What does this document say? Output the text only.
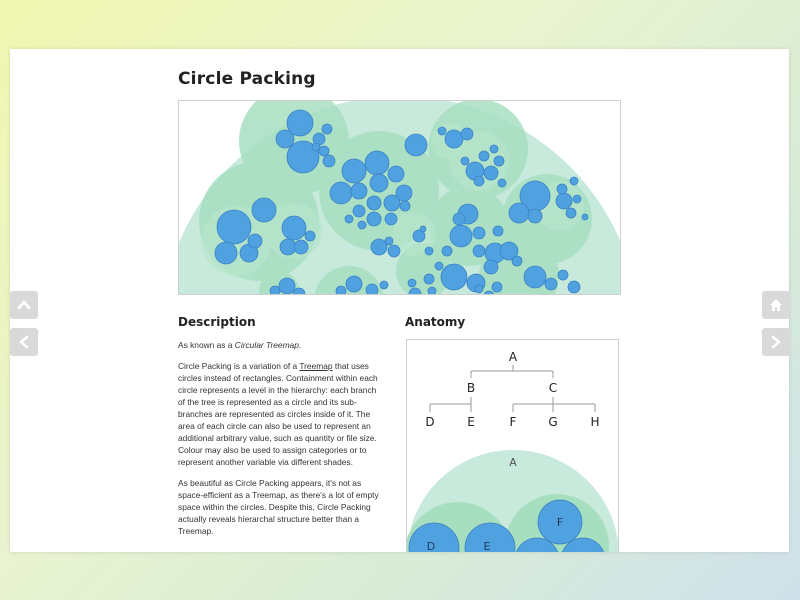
Circle Packing
Description

As known as a Circular Treemap.

Circle Packing is a variation of a Treemap that uses circles instead of rectangles. Containment within each circle represents a level in the hierarchy: each branch of the tree is represented as a circle and its sub-branches are represented as circles inside of it. The area of each circle can also be used to represent an additional arbitrary value, such as quantity or file size. Colour may also be used to assign categories or to represent another variable via different shades.

As beautiful as Circle Packing appears, it's not as space-efficient as a Treemap, as there's a lot of empty space within the circles. Despite this, Circle Packing actually reveals hierarchal structure better than a Treemap.

Anatomy
A
B	C
D	E	F	G	H
A
F
D	E
